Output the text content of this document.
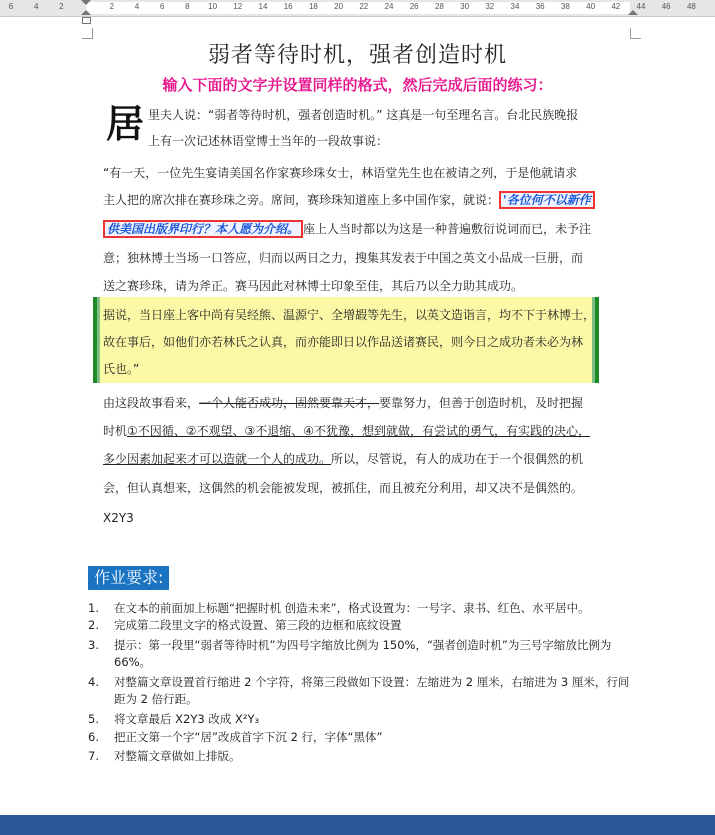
6	4	2	2	4	6	8 10 12 14 16 18 20 22 24 26 28 30 32 34 36 38 40 42 44 46 48
弱者等待时机，强者创造时机
输入下面的文字并设置同样的格式，然后完成后面的练习：
居 里夫人说：“弱者等待时机，强者创造时机。” 这真是一句至理名言。台北民族晚报
上有一次记述林语堂博士当年的一段故事说：
“有一天，一位先生宴请美国名作家赛珍珠女士，林语堂先生也在被请之列，于是他就请求
主人把的席次排在赛珍珠之旁。席间，赛珍珠知道座上多中国作家，就说： '各位何不以新作
供美国出版界印行？本人愿为介绍。 座上人当时都以为这是一种普遍敷衍说词而已，未予注
意；独林博士当场一口答应，归而以两日之力，搜集其发表于中国之英文小品成一巨册，而
送之赛珍珠，请为斧正。赛马因此对林博士印象至佳，其后乃以全力助其成功。
据说，当日座上客中尚有吴经熊、温源宁、全增嘏等先生，以英文造诣言，均不下于林博士，
故在事后，如他们亦若林氏之认真，而亦能即日以作品送诸赛民，则今日之成功者未必为林
氏也。”
由这段故事看来，一个人能否成功，固然要靠天才，要靠努力，但善于创造时机，及时把握
时机①不因循、②不观望、③不退缩、④不犹豫，想到就做，有尝试的勇气，有实践的决心，
多少因素加起来才可以造就一个人的成功。所以，尽管说，有人的成功在于一个很偶然的机
会，但认真想来，这偶然的机会能被发现，被抓住，而且被充分利用，却又决不是偶然的。
X2Y3
作业要求:
1. 在文本的前面加上标题“把握时机 创造未来”，格式设置为：一号字、隶书、红色、水平居中。
2. 完成第二段里文字的格式设置、第三段的边框和底纹设置
3. 提示：第一段里“弱者等待时机”为四号字缩放比例为 150%，“强者创造时机”为三号字缩放比例为 66%。
4. 对整篇文章设置首行缩进 2 个字符，将第三段做如下设置：左缩进为 2 厘米，右缩进为 3 厘米，行间距为 2 倍行距。
5. 将文章最后 X2Y3 改成 X²Y₃
6. 把正文第一个字“居”改成首字下沉 2 行，字体“黑体”
7. 对整篇文章做如上排版。
